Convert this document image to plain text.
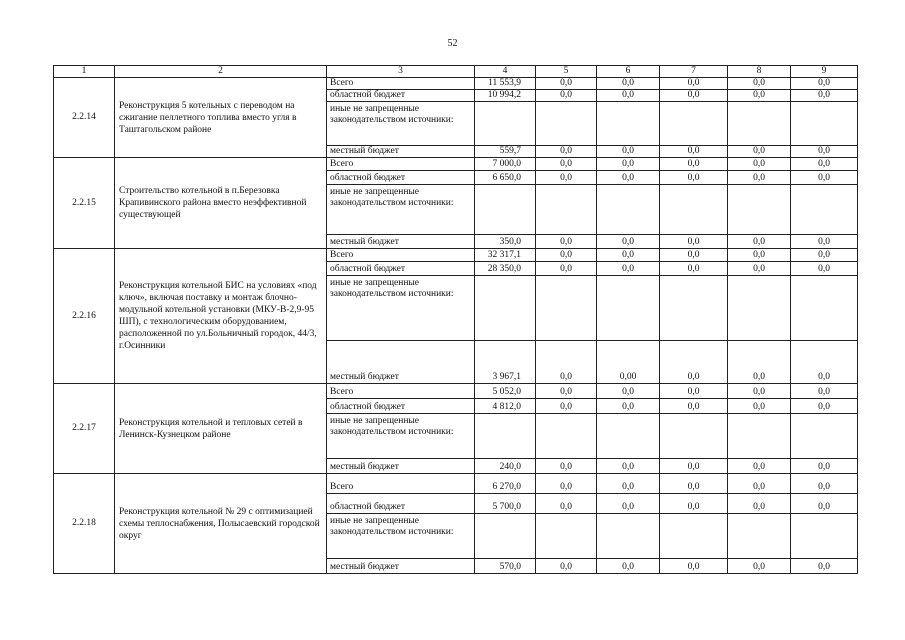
52
1	2	3	4	5	6	7	8	9
2.2.14	Реконструкция 5 котельных с переводом на сжигание пеллетного топлива вместо угля в Таштагольском районе	Всего	11 553,9	0,0	0,0	0,0	0,0	0,0
		областной бюджет	10 994,2	0,0	0,0	0,0	0,0	0,0
		иные не запрещенные законодательством источники:						
		местный бюджет	559,7	0,0	0,0	0,0	0,0	0,0
2.2.15	Строительство котельной в п.Березовка Крапивинского района вместо неэффективной существующей	Всего	7 000,0	0,0	0,0	0,0	0,0	0,0
		областной бюджет	6 650,0	0,0	0,0	0,0	0,0	0,0
		иные не запрещенные законодательством источники:						
		местный бюджет	350,0	0,0	0,0	0,0	0,0	0,0
2.2.16	Реконструкция котельной БИС на условиях «под ключ», включая поставку и монтаж блочно-модульной котельной установки (МКУ-В-2,9-95 ШП), с технологическим оборудованием, расположенной по ул.Больничный городок, 44/3, г.Осинники	Всего	32 317,1	0,0	0,0	0,0	0,0	0,0
		областной бюджет	28 350,0	0,0	0,0	0,0	0,0	0,0
		иные не запрещенные законодательством источники:						
		местный бюджет	3 967,1	0,0	0,00	0,0	0,0	0,0
2.2.17	Реконструкция котельной и тепловых сетей в Ленинск-Кузнецком районе	Всего	5 052,0	0,0	0,0	0,0	0,0	0,0
		областной бюджет	4 812,0	0,0	0,0	0,0	0,0	0,0
		иные не запрещенные законодательством источники:						
		местный бюджет	240,0	0,0	0,0	0,0	0,0	0,0
2.2.18	Реконструкция котельной № 29 с оптимизацией схемы теплоснабжения, Полысаевский городской округ	Всего	6 270,0	0,0	0,0	0,0	0,0	0,0
		областной бюджет	5 700,0	0,0	0,0	0,0	0,0	0,0
		иные не запрещенные законодательством источники:						
		местный бюджет	570,0	0,0	0,0	0,0	0,0	0,0
